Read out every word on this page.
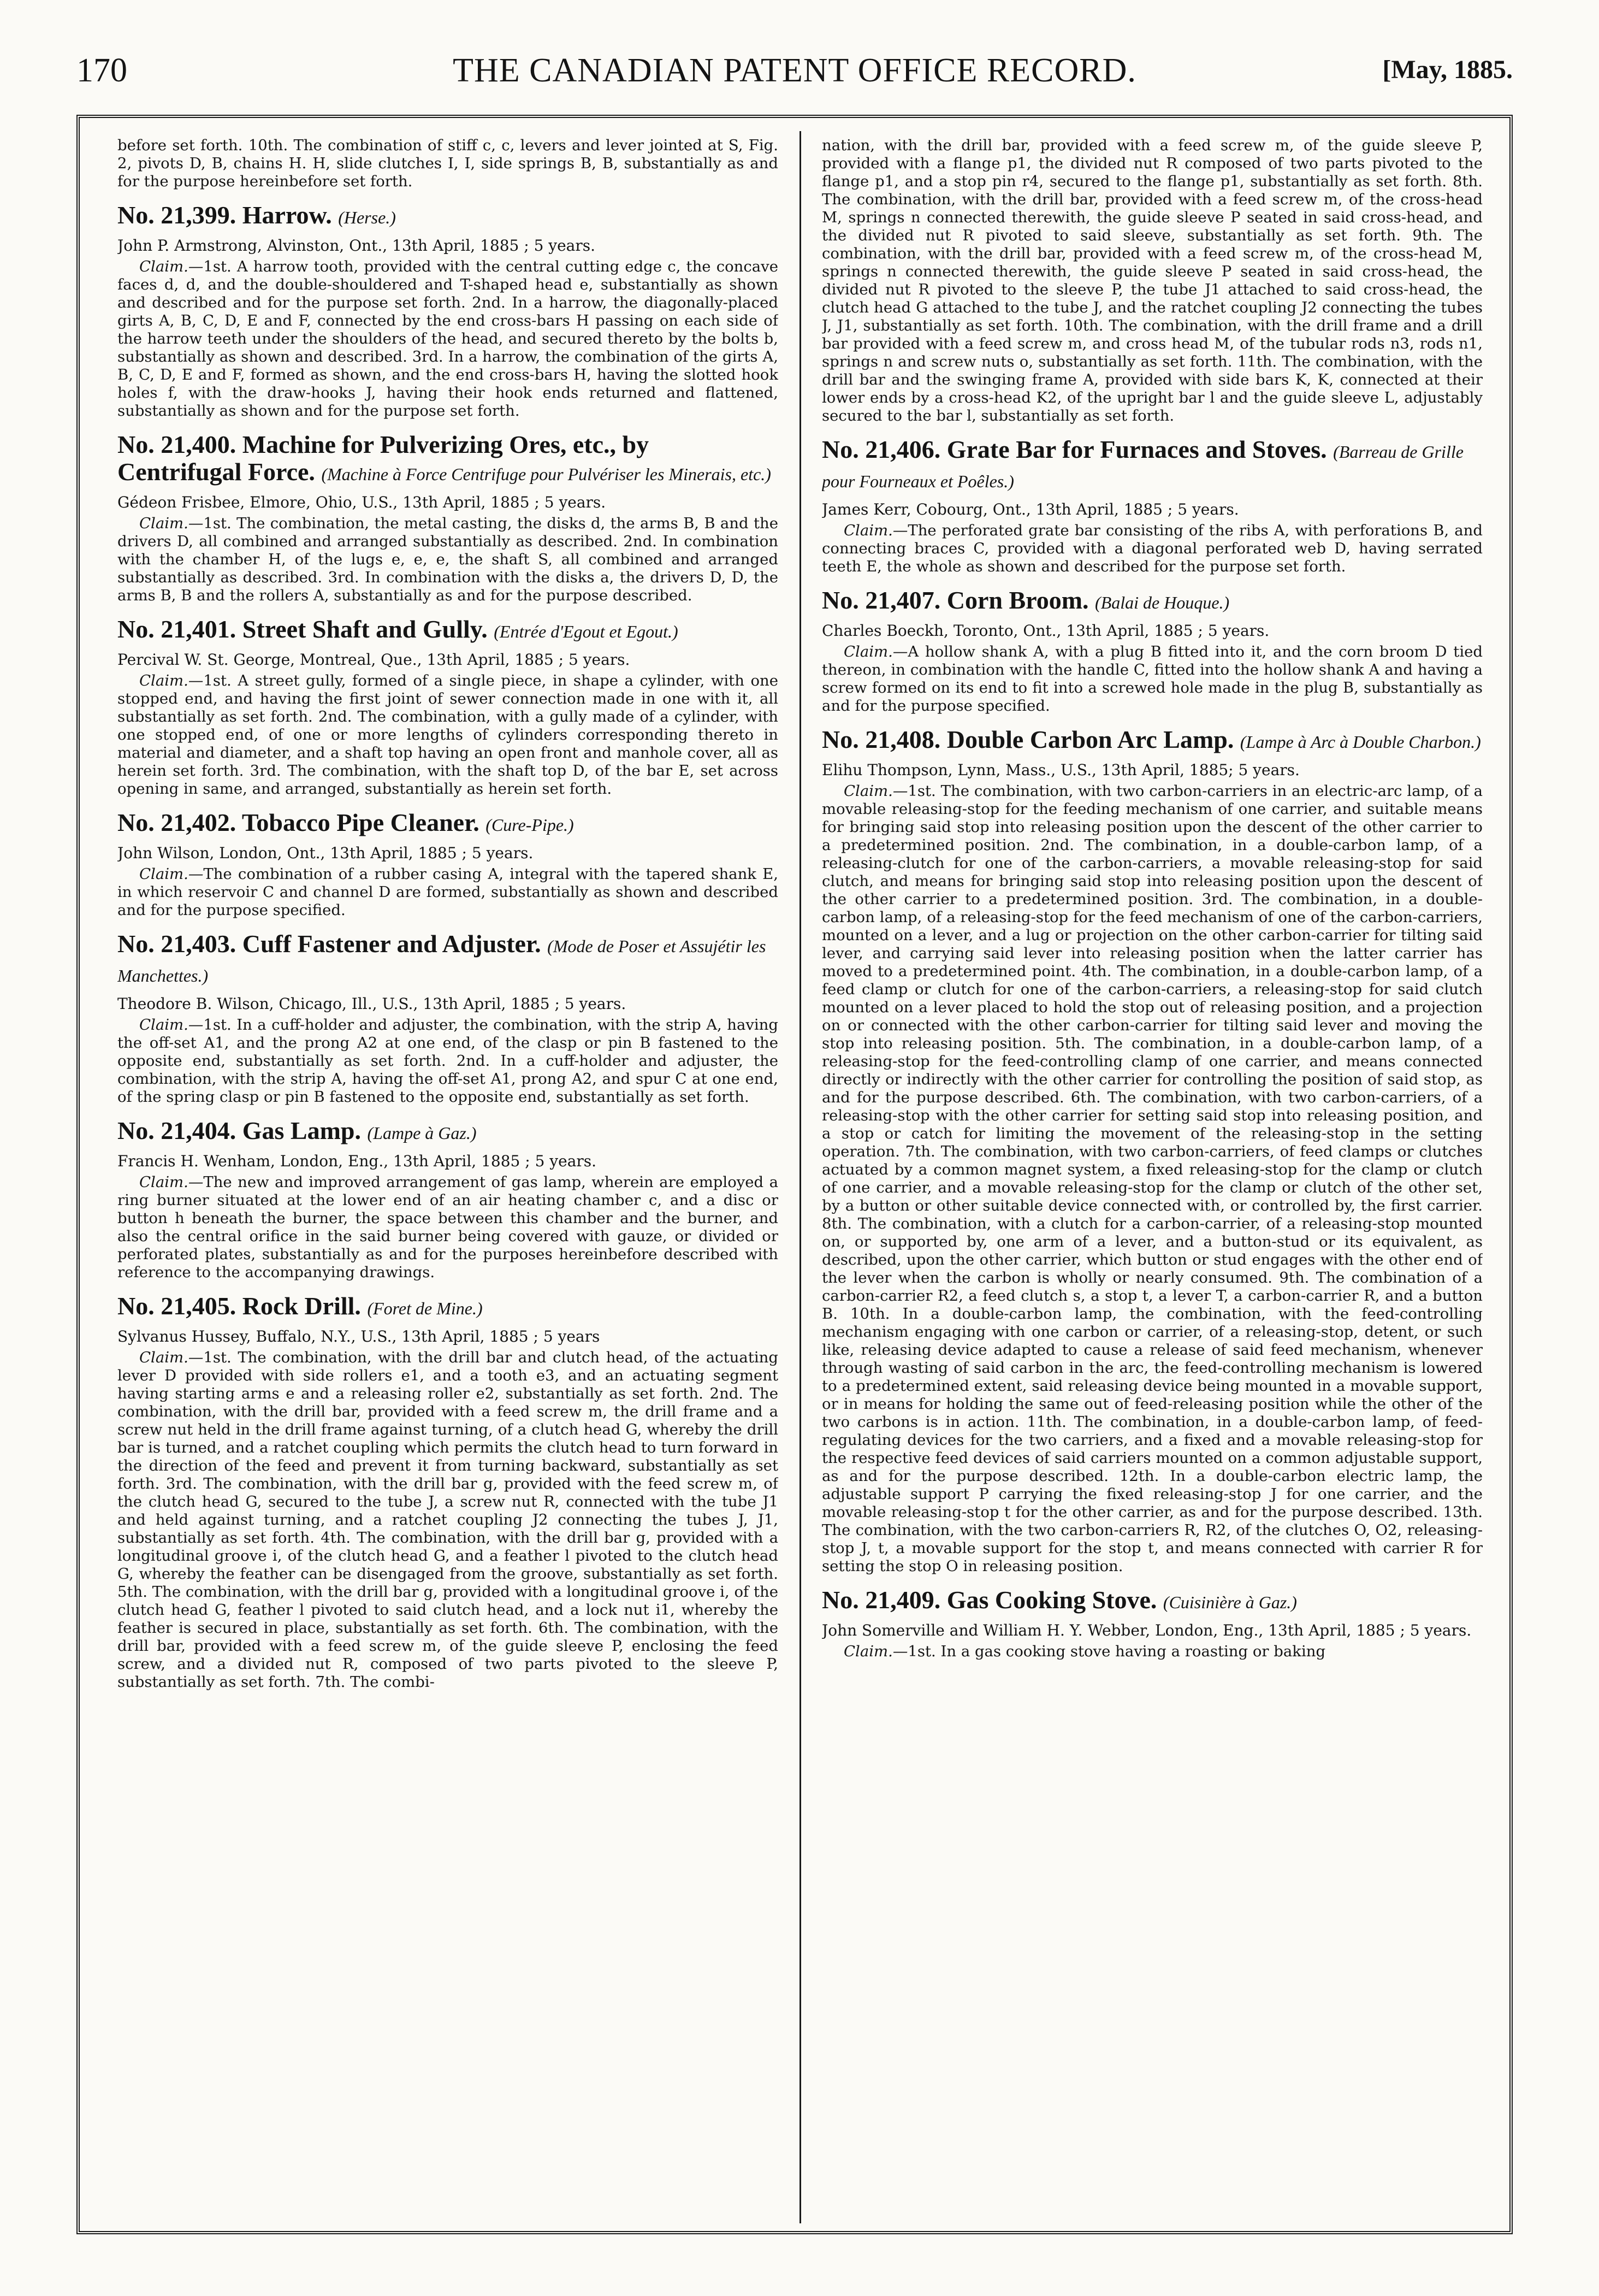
170	THE CANADIAN PATENT OFFICE RECORD.	[May, 1885.

before set forth. 10th. The combination of stiff c, c, levers and lever jointed at S, Fig. 2, pivots D, B, chains H. H, slide clutches I, I, side springs B, B, substantially as and for the purpose hereinbefore set forth.

No. 21,399. Harrow. (Herse.)

John P. Armstrong, Alvinston, Ont., 13th April, 1885 ; 5 years.

Claim.—1st. A harrow tooth, provided with the central cutting edge c, the concave faces d, d, and the double-shouldered and T-shaped head e, substantially as shown and described and for the purpose set forth. 2nd. In a harrow, the diagonally-placed girts A, B, C, D, E and F, connected by the end cross-bars H passing on each side of the harrow teeth under the shoulders of the head, and secured thereto by the bolts b, substantially as shown and described. 3rd. In a harrow, the combination of the girts A, B, C, D, E and F, formed as shown, and the end cross-bars H, having the slotted hook holes f, with the draw-hooks J, having their hook ends returned and flattened, substantially as shown and for the purpose set forth.

No. 21,400. Machine for Pulverizing Ores, etc., by Centrifugal Force. (Machine à Force Centrifuge pour Pulvériser les Minerais, etc.)

Gédeon Frisbee, Elmore, Ohio, U.S., 13th April, 1885 ; 5 years.

Claim.—1st. The combination, the metal casting, the disks d, the arms B, B and the drivers D, all combined and arranged substantially as described. 2nd. In combination with the chamber H, of the lugs e, e, e, the shaft S, all combined and arranged substantially as described. 3rd. In combination with the disks a, the drivers D, D, the arms B, B and the rollers A, substantially as and for the purpose described.

No. 21,401. Street Shaft and Gully. (Entrée d'Egout et Egout.)

Percival W. St. George, Montreal, Que., 13th April, 1885 ; 5 years.

Claim.—1st. A street gully, formed of a single piece, in shape a cylinder, with one stopped end, and having the first joint of sewer connection made in one with it, all substantially as set forth. 2nd. The combination, with a gully made of a cylinder, with one stopped end, of one or more lengths of cylinders corresponding thereto in material and diameter, and a shaft top having an open front and manhole cover, all as herein set forth. 3rd. The combination, with the shaft top D, of the bar E, set across opening in same, and arranged, substantially as herein set forth.

No. 21,402. Tobacco Pipe Cleaner. (Cure-Pipe.)

John Wilson, London, Ont., 13th April, 1885 ; 5 years.

Claim.—The combination of a rubber casing A, integral with the tapered shank E, in which reservoir C and channel D are formed, substantially as shown and described and for the purpose specified.

No. 21,403. Cuff Fastener and Adjuster. (Mode de Poser et Assujétir les Manchettes.)

Theodore B. Wilson, Chicago, Ill., U.S., 13th April, 1885 ; 5 years.

Claim.—1st. In a cuff-holder and adjuster, the combination, with the strip A, having the off-set A1, and the prong A2 at one end, of the clasp or pin B fastened to the opposite end, substantially as set forth. 2nd. In a cuff-holder and adjuster, the combination, with the strip A, having the off-set A1, prong A2, and spur C at one end, of the spring clasp or pin B fastened to the opposite end, substantially as set forth.

No. 21,404. Gas Lamp. (Lampe à Gaz.)

Francis H. Wenham, London, Eng., 13th April, 1885 ; 5 years.

Claim.—The new and improved arrangement of gas lamp, wherein are employed a ring burner situated at the lower end of an air heating chamber c, and a disc or button h beneath the burner, the space between this chamber and the burner, and also the central orifice in the said burner being covered with gauze, or divided or perforated plates, substantially as and for the purposes hereinbefore described with reference to the accompanying drawings.

No. 21,405. Rock Drill. (Foret de Mine.)

Sylvanus Hussey, Buffalo, N.Y., U.S., 13th April, 1885 ; 5 years

Claim.—1st. The combination, with the drill bar and clutch head, of the actuating lever D provided with side rollers e1, and a tooth e3, and an actuating segment having starting arms e and a releasing roller e2, substantially as set forth. 2nd. The combination, with the drill bar, provided with a feed screw m, the drill frame and a screw nut held in the drill frame against turning, of a clutch head G, whereby the drill bar is turned, and a ratchet coupling which permits the clutch head to turn forward in the direction of the feed and prevent it from turning backward, substantially as set forth. 3rd. The combination, with the drill bar g, provided with the feed screw m, of the clutch head G, secured to the tube J, a screw nut R, connected with the tube J1 and held against turning, and a ratchet coupling J2 connecting the tubes J, J1, substantially as set forth. 4th. The combination, with the drill bar g, provided with a longitudinal groove i, of the clutch head G, and a feather l pivoted to the clutch head G, whereby the feather can be disengaged from the groove, substantially as set forth. 5th. The combination, with the drill bar g, provided with a longitudinal groove i, of the clutch head G, feather l pivoted to said clutch head, and a lock nut i1, whereby the feather is secured in place, substantially as set forth. 6th. The combination, with the drill bar, provided with a feed screw m, of the guide sleeve P, enclosing the feed screw, and a divided nut R, composed of two parts pivoted to the sleeve P, substantially as set forth. 7th. The combi-

nation, with the drill bar, provided with a feed screw m, of the guide sleeve P, provided with a flange p1, the divided nut R composed of two parts pivoted to the flange p1, and a stop pin r4, secured to the flange p1, substantially as set forth. 8th. The combination, with the drill bar, provided with a feed screw m, of the cross-head M, springs n connected therewith, the guide sleeve P seated in said cross-head, and the divided nut R pivoted to said sleeve, substantially as set forth. 9th. The combination, with the drill bar, provided with a feed screw m, of the cross-head M, springs n connected therewith, the guide sleeve P seated in said cross-head, the divided nut R pivoted to the sleeve P, the tube J1 attached to said cross-head, the clutch head G attached to the tube J, and the ratchet coupling J2 connecting the tubes J, J1, substantially as set forth. 10th. The combination, with the drill frame and a drill bar provided with a feed screw m, and cross head M, of the tubular rods n3, rods n1, springs n and screw nuts o, substantially as set forth. 11th. The combination, with the drill bar and the swinging frame A, provided with side bars K, K, connected at their lower ends by a cross-head K2, of the upright bar l and the guide sleeve L, adjustably secured to the bar l, substantially as set forth.

No. 21,406. Grate Bar for Furnaces and Stoves. (Barreau de Grille pour Fourneaux et Poêles.)

James Kerr, Cobourg, Ont., 13th April, 1885 ; 5 years.

Claim.—The perforated grate bar consisting of the ribs A, with perforations B, and connecting braces C, provided with a diagonal perforated web D, having serrated teeth E, the whole as shown and described for the purpose set forth.

No. 21,407. Corn Broom. (Balai de Houque.)

Charles Boeckh, Toronto, Ont., 13th April, 1885 ; 5 years.

Claim.—A hollow shank A, with a plug B fitted into it, and the corn broom D tied thereon, in combination with the handle C, fitted into the hollow shank A and having a screw formed on its end to fit into a screwed hole made in the plug B, substantially as and for the purpose specified.

No. 21,408. Double Carbon Arc Lamp. (Lampe à Arc à Double Charbon.)

Elihu Thompson, Lynn, Mass., U.S., 13th April, 1885; 5 years.

Claim.—1st. The combination, with two carbon-carriers in an electric-arc lamp, of a movable releasing-stop for the feeding mechanism of one carrier, and suitable means for bringing said stop into releasing position upon the descent of the other carrier to a predetermined position. 2nd. The combination, in a double-carbon lamp, of a releasing-clutch for one of the carbon-carriers, a movable releasing-stop for said clutch, and means for bringing said stop into releasing position upon the descent of the other carrier to a predetermined position. 3rd. The combination, in a double-carbon lamp, of a releasing-stop for the feed mechanism of one of the carbon-carriers, mounted on a lever, and a lug or projection on the other carbon-carrier for tilting said lever, and carrying said lever into releasing position when the latter carrier has moved to a predetermined point. 4th. The combination, in a double-carbon lamp, of a feed clamp or clutch for one of the carbon-carriers, a releasing-stop for said clutch mounted on a lever placed to hold the stop out of releasing position, and a projection on or connected with the other carbon-carrier for tilting said lever and moving the stop into releasing position. 5th. The combination, in a double-carbon lamp, of a releasing-stop for the feed-controlling clamp of one carrier, and means connected directly or indirectly with the other carrier for controlling the position of said stop, as and for the purpose described. 6th. The combination, with two carbon-carriers, of a releasing-stop with the other carrier for setting said stop into releasing position, and a stop or catch for limiting the movement of the releasing-stop in the setting operation. 7th. The combination, with two carbon-carriers, of feed clamps or clutches actuated by a common magnet system, a fixed releasing-stop for the clamp or clutch of one carrier, and a movable releasing-stop for the clamp or clutch of the other set, by a button or other suitable device connected with, or controlled by, the first carrier. 8th. The combination, with a clutch for a carbon-carrier, of a releasing-stop mounted on, or supported by, one arm of a lever, and a button-stud or its equivalent, as described, upon the other carrier, which button or stud engages with the other end of the lever when the carbon is wholly or nearly consumed. 9th. The combination of a carbon-carrier R2, a feed clutch s, a stop t, a lever T, a carbon-carrier R, and a button B. 10th. In a double-carbon lamp, the combination, with the feed-controlling mechanism engaging with one carbon or carrier, of a releasing-stop, detent, or such like, releasing device adapted to cause a release of said feed mechanism, whenever through wasting of said carbon in the arc, the feed-controlling mechanism is lowered to a predetermined extent, said releasing device being mounted in a movable support, or in means for holding the same out of feed-releasing position while the other of the two carbons is in action. 11th. The combination, in a double-carbon lamp, of feed-regulating devices for the two carriers, and a fixed and a movable releasing-stop for the respective feed devices of said carriers mounted on a common adjustable support, as and for the purpose described. 12th. In a double-carbon electric lamp, the adjustable support P carrying the fixed releasing-stop J for one carrier, and the movable releasing-stop t for the other carrier, as and for the purpose described. 13th. The combination, with the two carbon-carriers R, R2, of the clutches O, O2, releasing-stop J, t, a movable support for the stop t, and means connected with carrier R for setting the stop O in releasing position.

No. 21,409. Gas Cooking Stove. (Cuisinière à Gaz.)

John Somerville and William H. Y. Webber, London, Eng., 13th April, 1885 ; 5 years.

Claim.—1st. In a gas cooking stove having a roasting or baking
